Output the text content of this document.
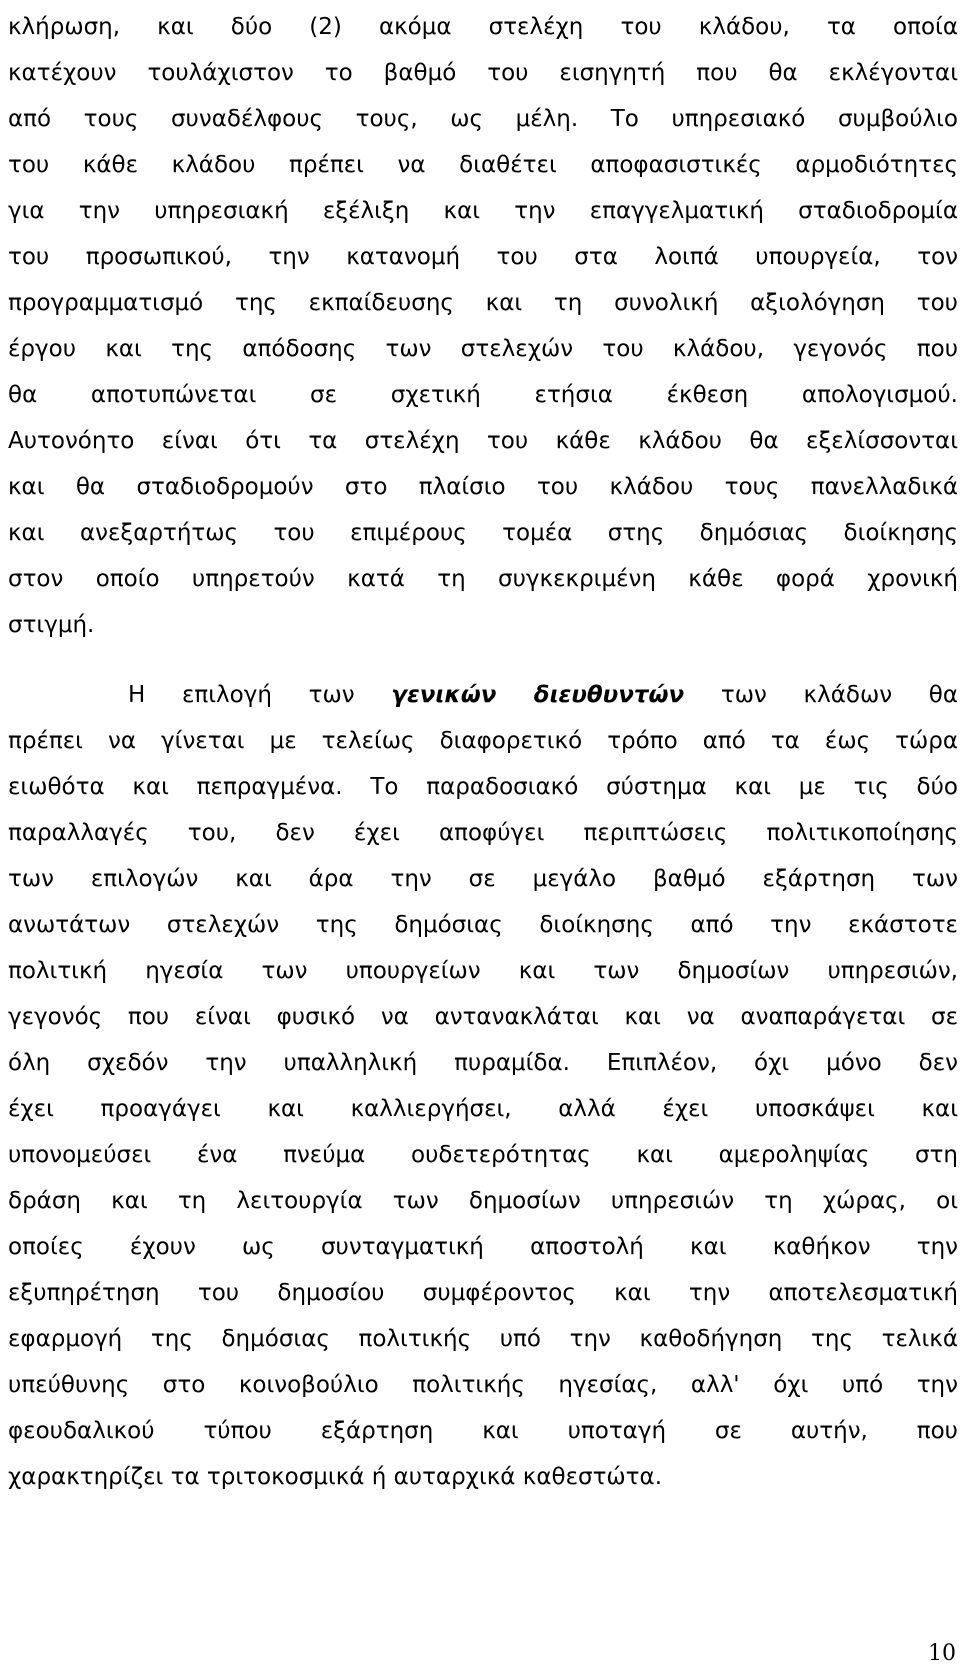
κλήρωση, και δύο (2) ακόμα στελέχη του κλάδου, τα οποία
κατέχουν τουλάχιστον το βαθμό του εισηγητή που θα εκλέγονται
από τους συναδέλφους τους, ως μέλη. Το υπηρεσιακό συμβούλιο
του κάθε κλάδου πρέπει να διαθέτει αποφασιστικές αρμοδιότητες
για την υπηρεσιακή εξέλιξη και την επαγγελματική σταδιοδρομία
του προσωπικού, την κατανομή του στα λοιπά υπουργεία, τον
προγραμματισμό της εκπαίδευσης και τη συνολική αξιολόγηση του
έργου και της απόδοσης των στελεχών του κλάδου, γεγονός που
θα αποτυπώνεται σε σχετική ετήσια έκθεση απολογισμού.
Αυτονόητο είναι ότι τα στελέχη του κάθε κλάδου θα εξελίσσονται
και θα σταδιοδρομούν στο πλαίσιο του κλάδου τους πανελλαδικά
και ανεξαρτήτως του επιμέρους τομέα στης δημόσιας διοίκησης
στον οποίο υπηρετούν κατά τη συγκεκριμένη κάθε φορά χρονική
στιγμή.
Η επιλογή των γενικών διευθυντών των κλάδων θα
πρέπει να γίνεται με τελείως διαφορετικό τρόπο από τα έως τώρα
ειωθότα και πεπραγμένα. Το παραδοσιακό σύστημα και με τις δύο
παραλλαγές του, δεν έχει αποφύγει περιπτώσεις πολιτικοποίησης
των επιλογών και άρα την σε μεγάλο βαθμό εξάρτηση των
ανωτάτων στελεχών της δημόσιας διοίκησης από την εκάστοτε
πολιτική ηγεσία των υπουργείων και των δημοσίων υπηρεσιών,
γεγονός που είναι φυσικό να αντανακλάται και να αναπαράγεται σε
όλη σχεδόν την υπαλληλική πυραμίδα. Επιπλέον, όχι μόνο δεν
έχει προαγάγει και καλλιεργήσει, αλλά έχει υποσκάψει και
υπονομεύσει ένα πνεύμα ουδετερότητας και αμεροληψίας στη
δράση και τη λειτουργία των δημοσίων υπηρεσιών τη χώρας, οι
οποίες έχουν ως συνταγματική αποστολή και καθήκον την
εξυπηρέτηση του δημοσίου συμφέροντος και την αποτελεσματική
εφαρμογή της δημόσιας πολιτικής υπό την καθοδήγηση της τελικά
υπεύθυνης στο κοινοβούλιο πολιτικής ηγεσίας, αλλ' όχι υπό την
φεουδαλικού τύπου εξάρτηση και υποταγή σε αυτήν, που
χαρακτηρίζει τα τριτοκοσμικά ή αυταρχικά καθεστώτα.
10
